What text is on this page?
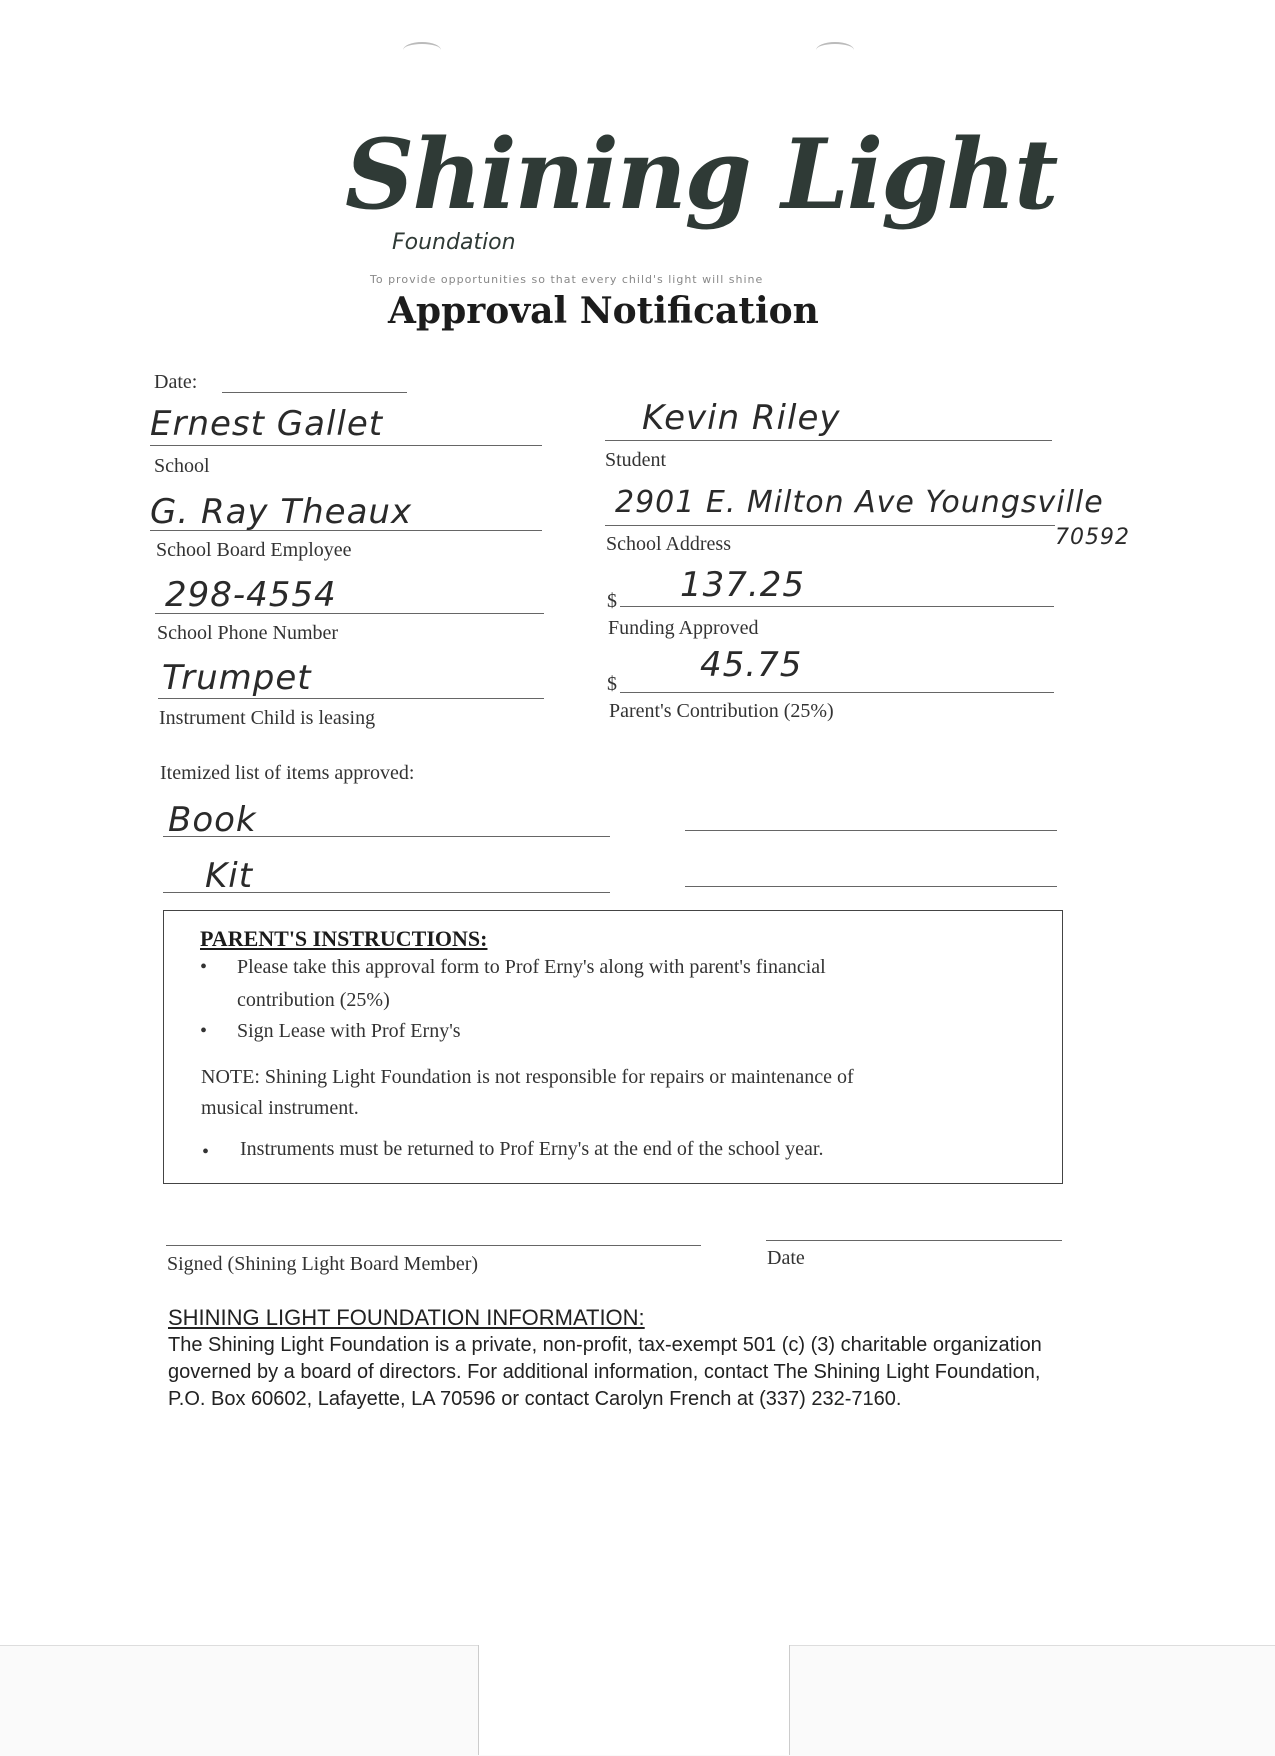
Shining Light
Foundation
To provide opportunities so that every child's light will shine
Approval Notification
Date:
Ernest Gallet
School
Kevin Riley
Student
G. Ray Theaux
School Board Employee
2901 E. Milton Ave Youngsville
School Address	70592
298-4554
School Phone Number
$ 137.25
Funding Approved
Trumpet
Instrument Child is leasing
$ 45.75
Parent's Contribution (25%)
Itemized list of items approved:
Book
Kit
PARENT'S INSTRUCTIONS:
• Please take this approval form to Prof Erny's along with parent's financial
contribution (25%)
• Sign Lease with Prof Erny's
NOTE: Shining Light Foundation is not responsible for repairs or maintenance of
musical instrument.
• Instruments must be returned to Prof Erny's at the end of the school year.
Signed (Shining Light Board Member)	Date
SHINING LIGHT FOUNDATION INFORMATION:
The Shining Light Foundation is a private, non-profit, tax-exempt 501 (c) (3) charitable organization governed by a board of directors. For additional information, contact The Shining Light Foundation, P.O. Box 60602, Lafayette, LA 70596 or contact Carolyn French at (337) 232-7160.
